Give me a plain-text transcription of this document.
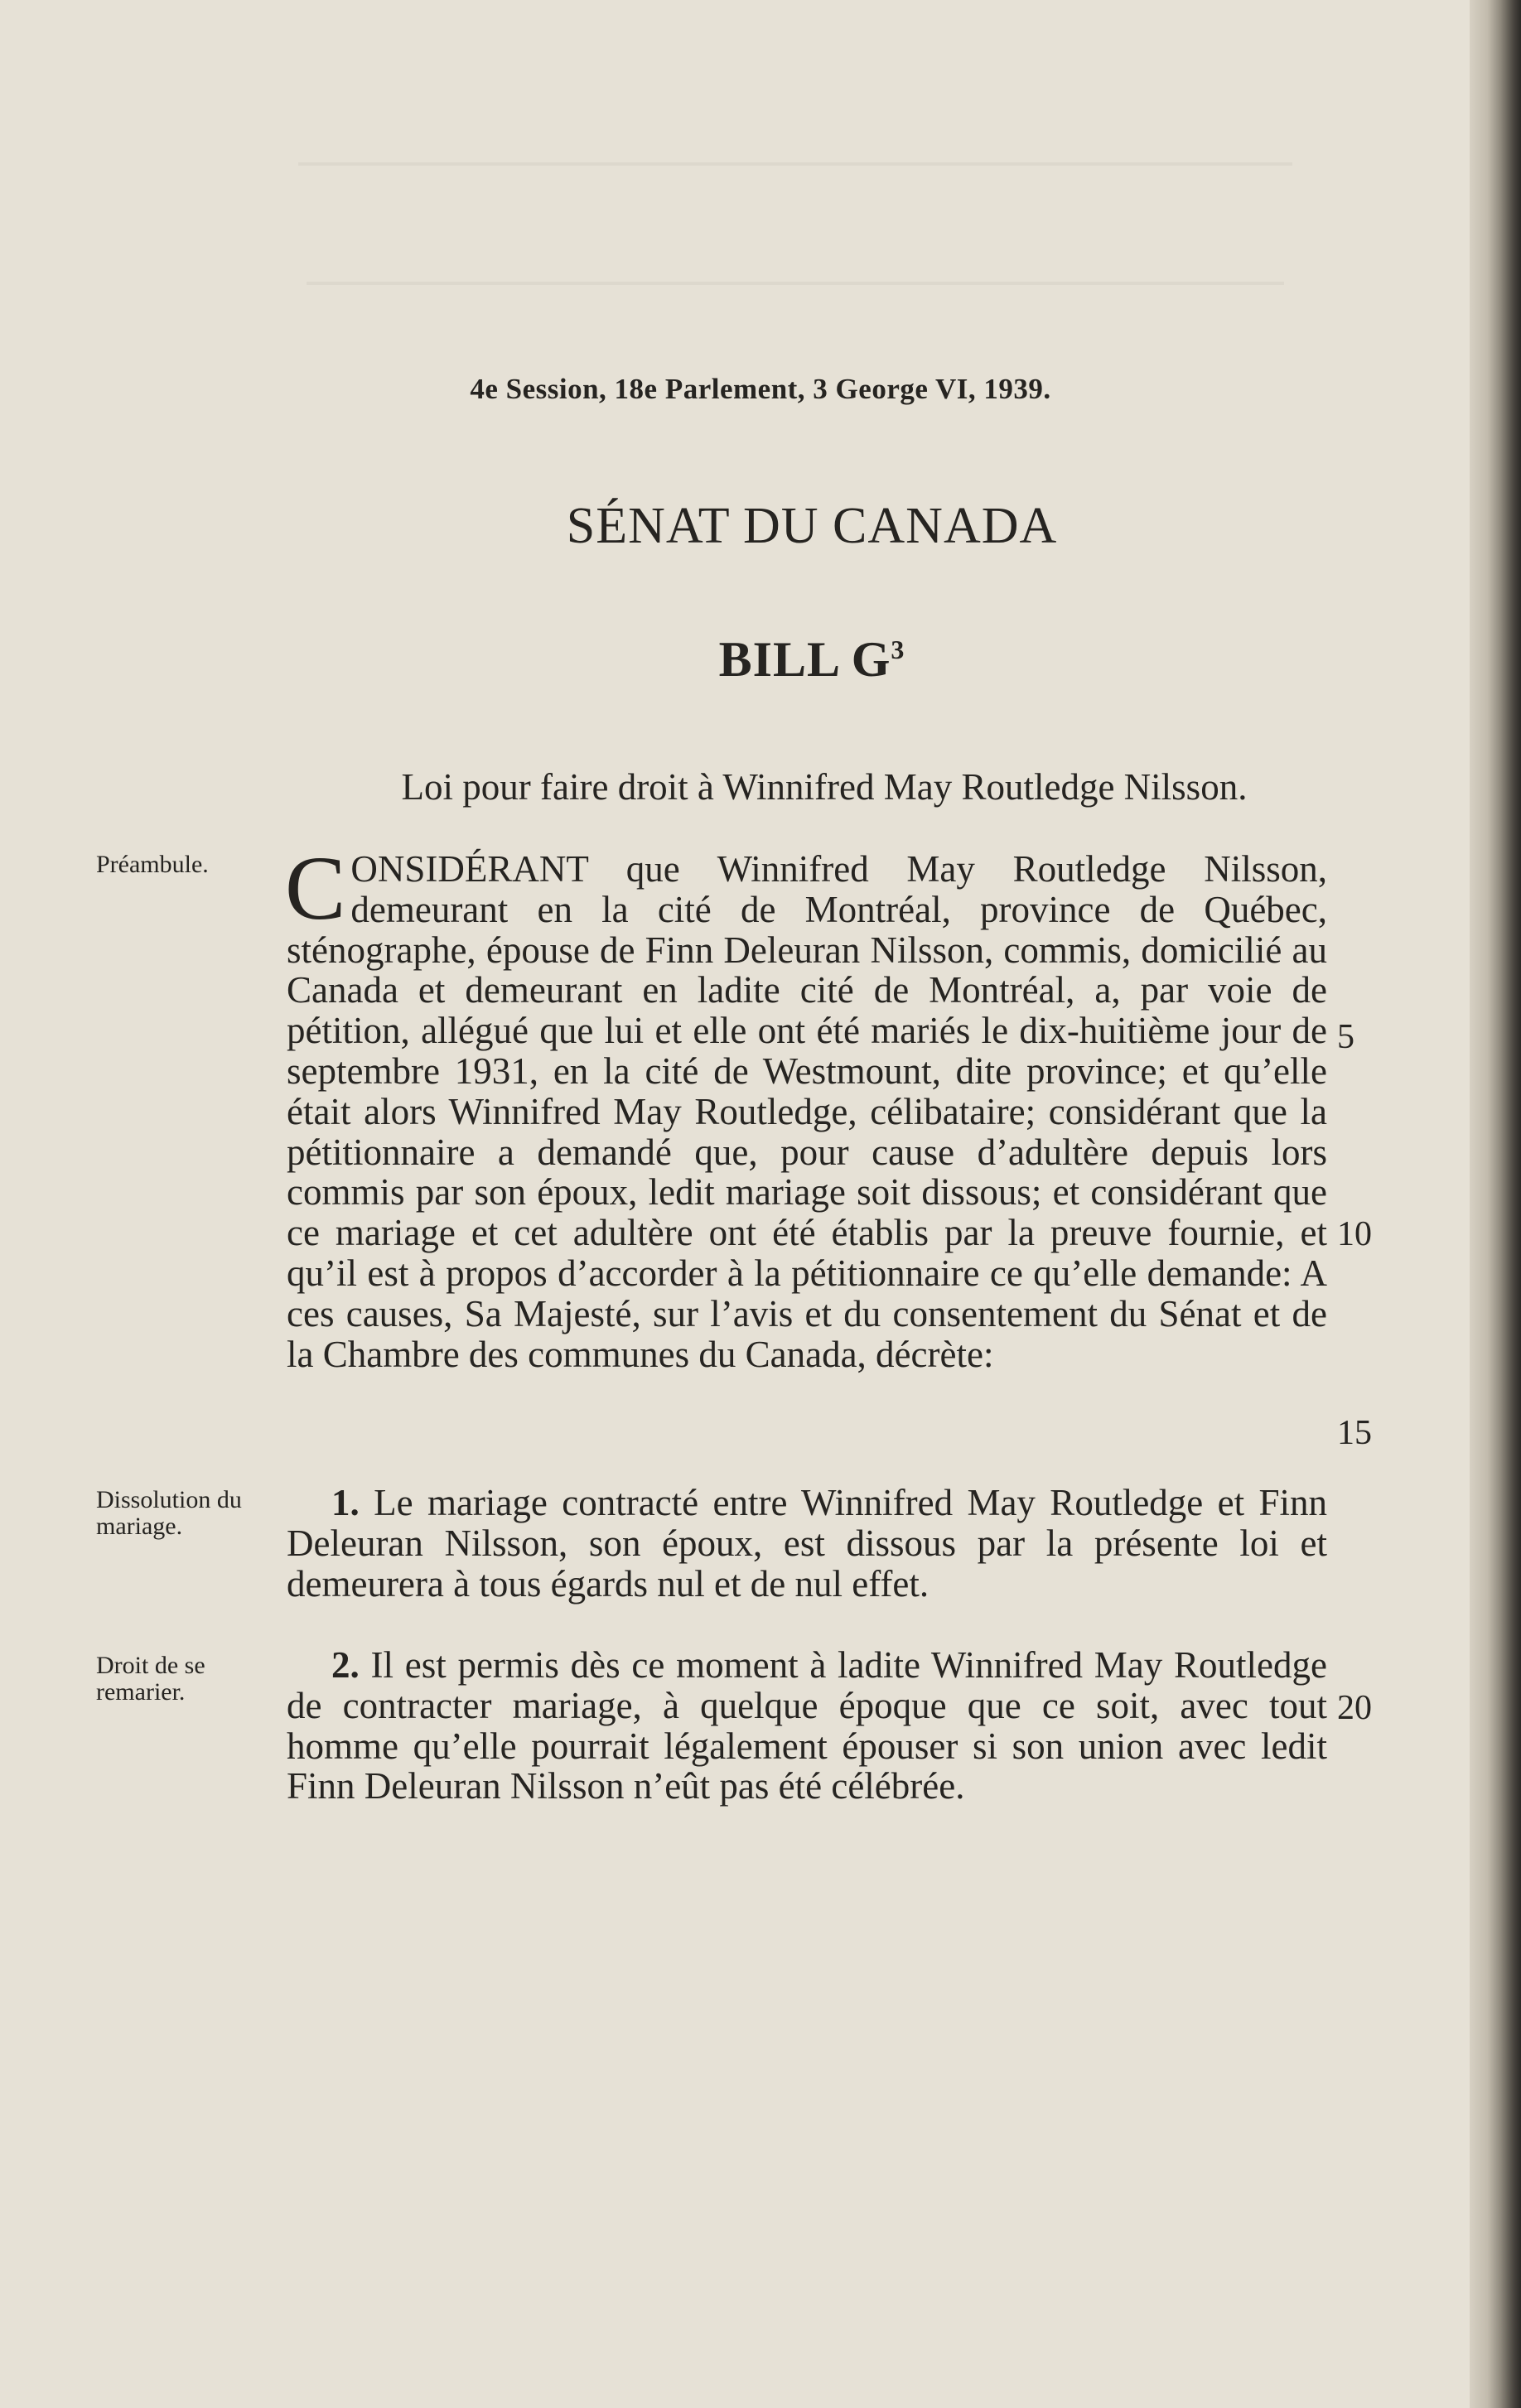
4e Session, 18e Parlement, 3 George VI, 1939.
SÉNAT DU CANADA
BILL $G^3$
Loi pour faire droit à Winnifred May Routledge Nilsson.
Préambule. CONSIDÉRANT que Winnifred May Routledge Nilsson, demeurant en la cité de Montréal, province de Québec, sténographe, épouse de Finn Deleuran Nilsson, commis, domicilié au Canada et demeurant en ladite cité de Montréal, a, par voie de pétition, allégué que lui et elle ont été mariés le dix-huitième jour de septembre 1931, en la cité de Westmount, dite province; et qu’elle était alors Winnifred May Routledge, célibataire; considérant que la pétitionnaire a demandé que, pour cause d’adultère depuis lors commis par son époux, ledit mariage soit dissous; et considérant que ce mariage et cet adultère ont été établis par la preuve fournie, et qu’il est à propos d’accorder à la pétitionnaire ce qu’elle demande: A ces causes, Sa Majesté, sur l’avis et du consentement du Sénat et de la Chambre des communes du Canada, décrète:
Dissolution du mariage.
1. Le mariage contracté entre Winnifred May Routledge et Finn Deleuran Nilsson, son époux, est dissous par la présente loi et demeurera à tous égards nul et de nul effet.
Droit de se remarier.
2. Il est permis dès ce moment à ladite Winnifred May Routledge de contracter mariage, à quelque époque que ce soit, avec tout homme qu’elle pourrait légalement épouser si son union avec ledit Finn Deleuran Nilsson n’eût pas été célébrée.
5
10
15
20
